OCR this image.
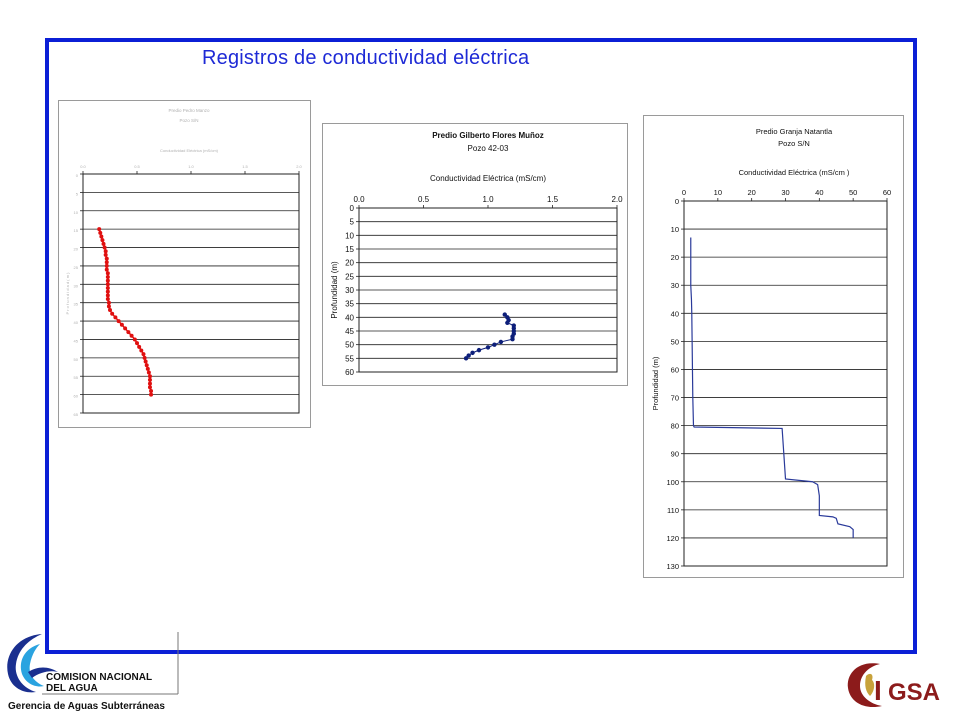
Registros de conductividad eléctrica
Predio Pedro Manzo
Pozo S/N
Conductividad Eléctrica (mS/cm)
P r o f u n d i d a d ( m )
0
5
10
15
20
25
30
35
40
45
50
55
60
65
0.0	0.5	1.0	1.5	2.0
Predio Gilberto Flores Muñoz
Pozo 42-03
Conductividad Eléctrica (mS/cm)
Profundidad (m)
0
5
10
15
20
25
30
35
40
45
50
55
60
0.0	0.5	1.0	1.5	2.0
Predio Granja Natantla
Pozo S/N
Conductividad Eléctrica (mS/cm )
Profundidad (m)
0
10
20
30
40
50
60
70
80
90
100
110
120
130
0	10	20	30	40	50	60
COMISION NACIONAL
DEL AGUA
Gerencia de Aguas Subterráneas
I GSA
